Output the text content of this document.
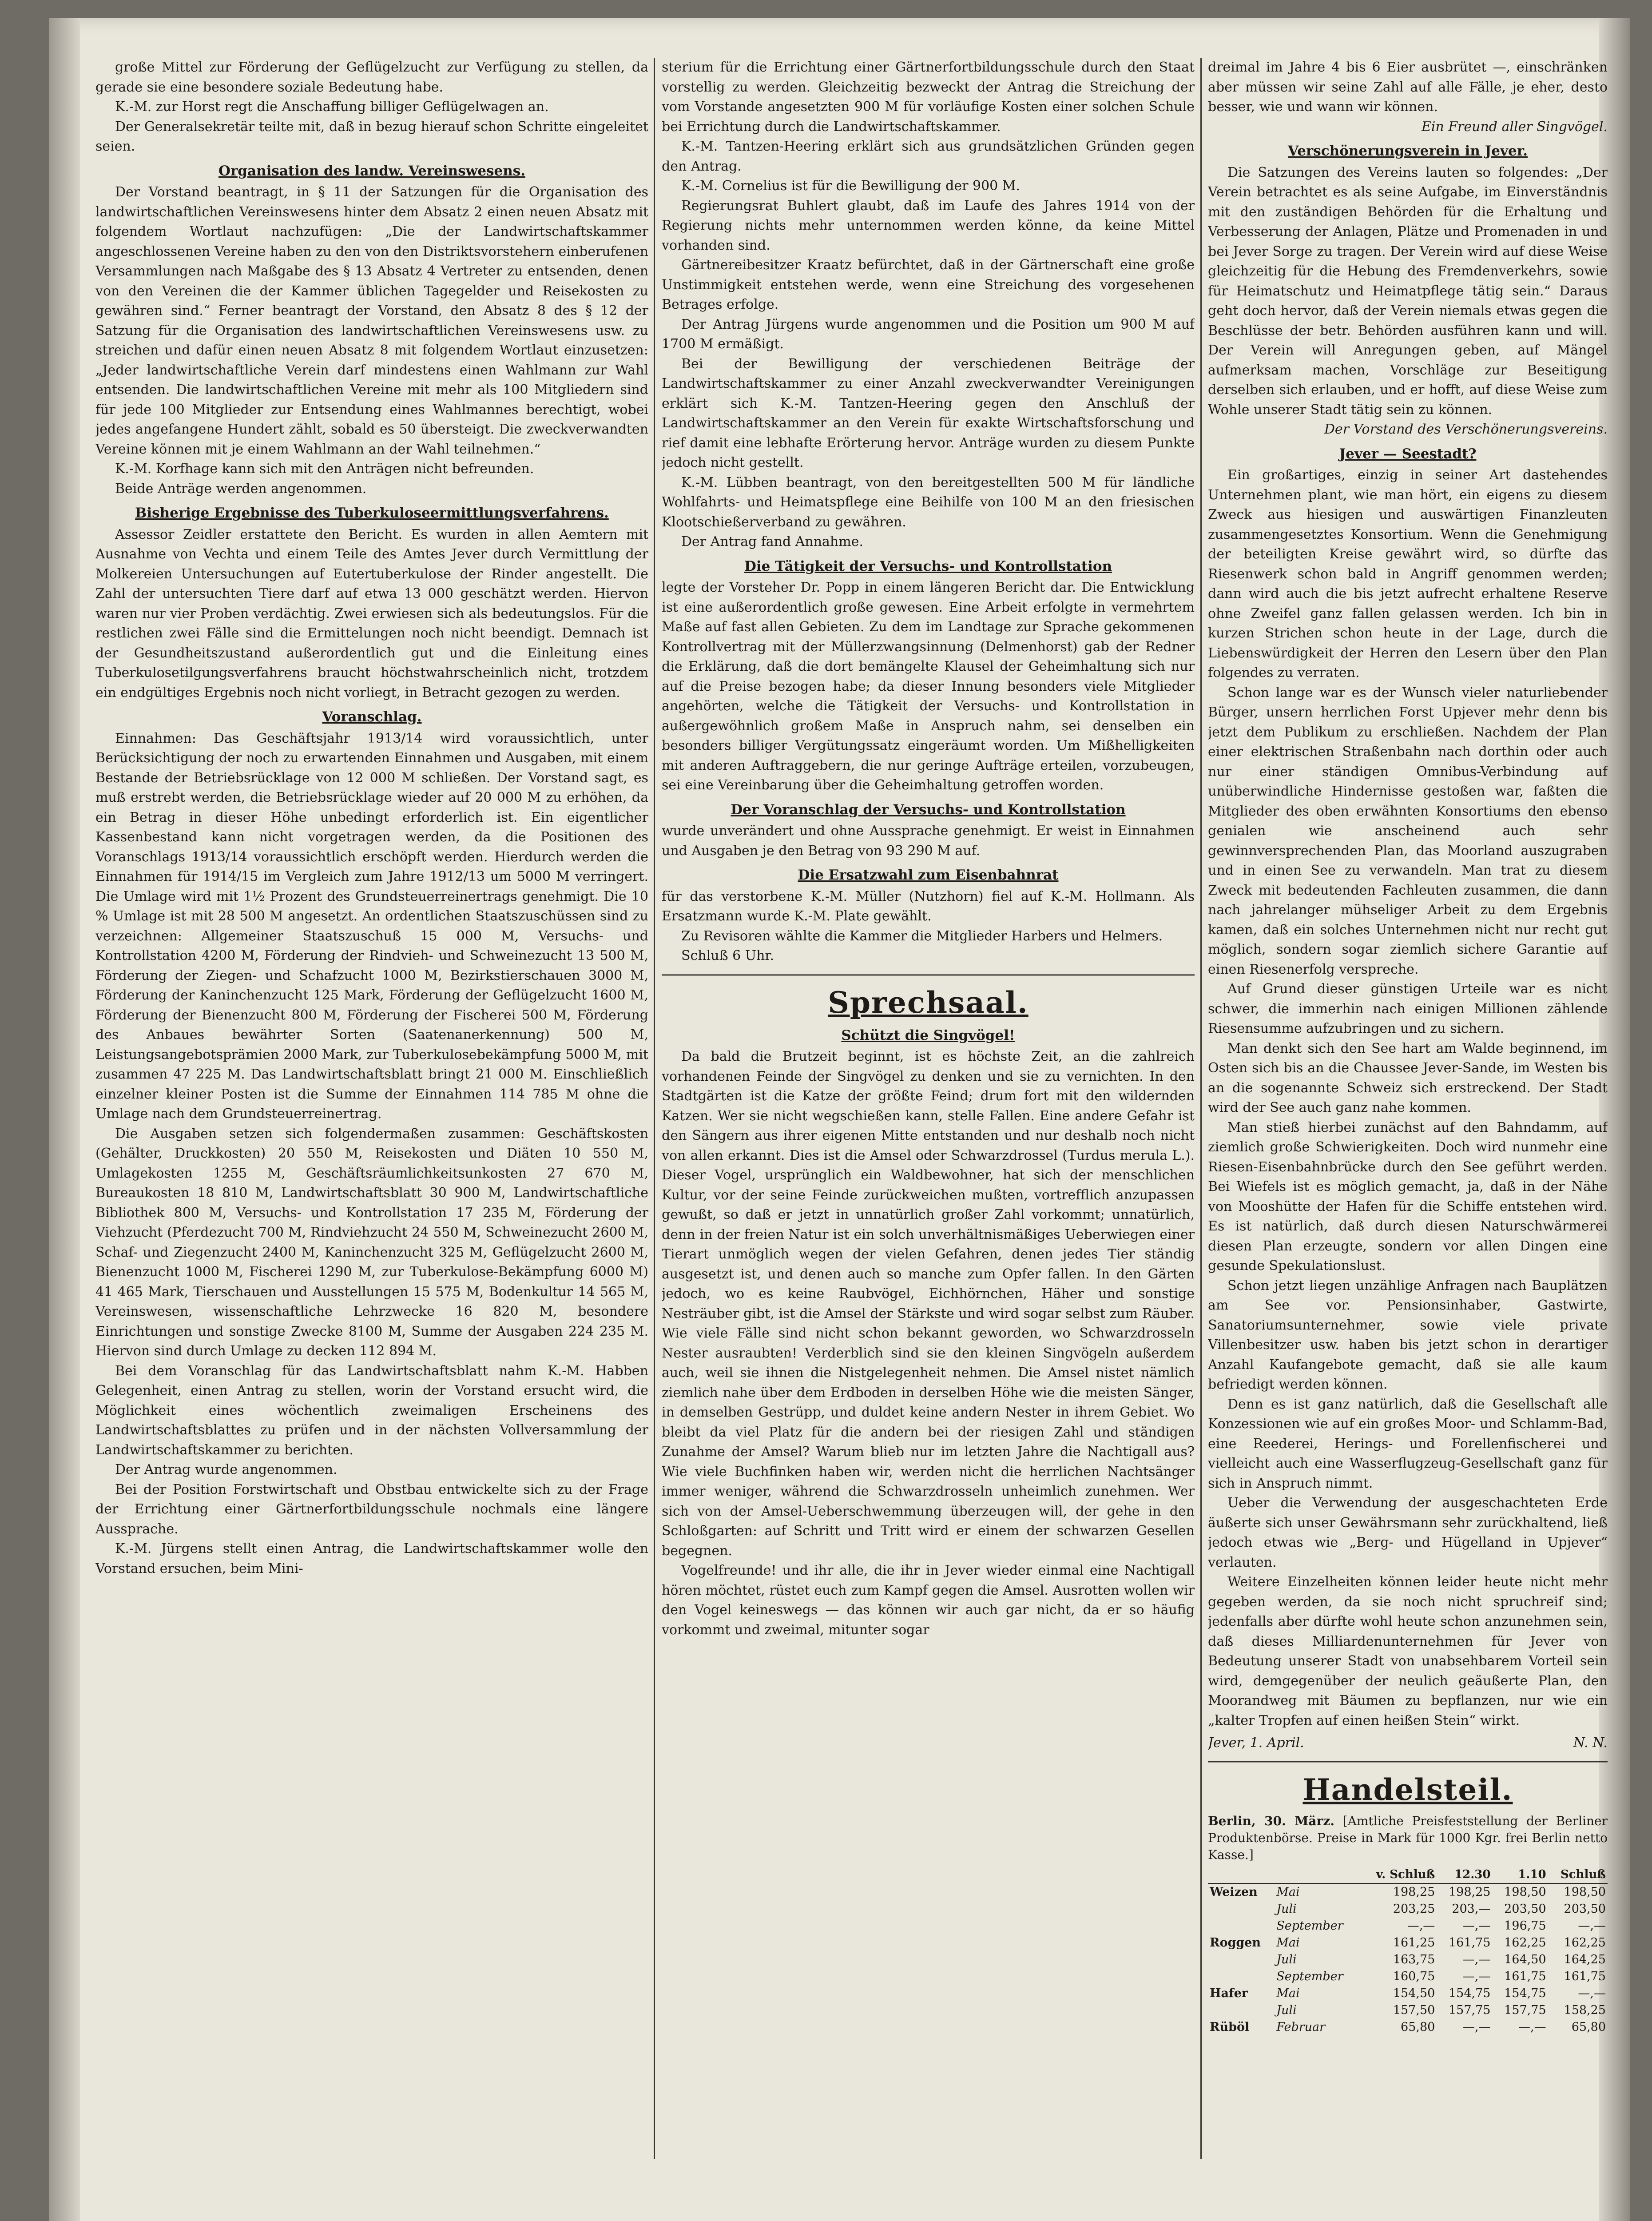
große Mittel zur Förderung der Geflügelzucht zur Verfügung zu stellen, da gerade sie eine besondere soziale Bedeutung habe.

K.-M. zur Horst regt die Anschaffung billiger Geflügelwagen an.

Der Generalsekretär teilte mit, daß in bezug hierauf schon Schritte eingeleitet seien.

Organisation des landw. Vereinswesens.

Der Vorstand beantragt, in § 11 der Satzungen für die Organisation des landwirtschaftlichen Vereinswesens hinter dem Absatz 2 einen neuen Absatz mit folgendem Wortlaut nachzufügen: „Die der Landwirtschaftskammer angeschlossenen Vereine haben zu den von den Distriktsvorstehern einberufenen Versammlungen nach Maßgabe des § 13 Absatz 4 Vertreter zu entsenden, denen von den Vereinen die der Kammer üblichen Tagegelder und Reisekosten zu gewähren sind.“ Ferner beantragt der Vorstand, den Absatz 8 des § 12 der Satzung für die Organisation des landwirtschaftlichen Vereinswesens usw. zu streichen und dafür einen neuen Absatz 8 mit folgendem Wortlaut einzusetzen: „Jeder landwirtschaftliche Verein darf mindestens einen Wahlmann zur Wahl entsenden. Die landwirtschaftlichen Vereine mit mehr als 100 Mitgliedern sind für jede 100 Mitglieder zur Entsendung eines Wahlmannes berechtigt, wobei jedes angefangene Hundert zählt, sobald es 50 übersteigt. Die zweckverwandten Vereine können mit je einem Wahlmann an der Wahl teilnehmen.“

K.-M. Korfhage kann sich mit den Anträgen nicht befreunden.

Beide Anträge werden angenommen.

Bisherige Ergebnisse des Tuberkuloseermittlungsverfahrens.

Assessor Zeidler erstattete den Bericht. Es wurden in allen Aemtern mit Ausnahme von Vechta und einem Teile des Amtes Jever durch Vermittlung der Molkereien Untersuchungen auf Eutertuberkulose der Rinder angestellt. Die Zahl der untersuchten Tiere darf auf etwa 13 000 geschätzt werden. Hiervon waren nur vier Proben verdächtig. Zwei erwiesen sich als bedeutungslos. Für die restlichen zwei Fälle sind die Ermittelungen noch nicht beendigt. Demnach ist der Gesundheitszustand außerordentlich gut und die Einleitung eines Tuberkulosetilgungsverfahrens braucht höchstwahrscheinlich nicht, trotzdem ein endgültiges Ergebnis noch nicht vorliegt, in Betracht gezogen zu werden.

Voranschlag.

Einnahmen: Das Geschäftsjahr 1913/14 wird voraussichtlich, unter Berücksichtigung der noch zu erwartenden Einnahmen und Ausgaben, mit einem Bestande der Betriebsrücklage von 12 000 M schließen. Der Vorstand sagt, es muß erstrebt werden, die Betriebsrücklage wieder auf 20 000 M zu erhöhen, da ein Betrag in dieser Höhe unbedingt erforderlich ist. Ein eigentlicher Kassenbestand kann nicht vorgetragen werden, da die Positionen des Voranschlags 1913/14 voraussichtlich erschöpft werden. Hierdurch werden die Einnahmen für 1914/15 im Vergleich zum Jahre 1912/13 um 5000 M verringert. Die Umlage wird mit 1½ Prozent des Grundsteuerreinertrags genehmigt. Die 10 % Umlage ist mit 28 500 M angesetzt. An ordentlichen Staatszuschüssen sind zu verzeichnen: Allgemeiner Staatszuschuß 15 000 M, Versuchs- und Kontrollstation 4200 M, Förderung der Rindvieh- und Schweinezucht 13 500 M, Förderung der Ziegen- und Schafzucht 1000 M, Bezirkstierschauen 3000 M, Förderung der Kaninchenzucht 125 Mark, Förderung der Geflügelzucht 1600 M, Förderung der Bienenzucht 800 M, Förderung der Fischerei 500 M, Förderung des Anbaues bewährter Sorten (Saatenanerkennung) 500 M, Leistungsangebotsprämien 2000 Mark, zur Tuberkulosebekämpfung 5000 M, mit zusammen 47 225 M. Das Landwirtschaftsblatt bringt 21 000 M. Einschließlich einzelner kleiner Posten ist die Summe der Einnahmen 114 785 M ohne die Umlage nach dem Grundsteuerreinertrag.

Die Ausgaben setzen sich folgendermaßen zusammen: Geschäftskosten (Gehälter, Druckkosten) 20 550 M, Reisekosten und Diäten 10 550 M, Umlagekosten 1255 M, Geschäftsräumlichkeitsunkosten 27 670 M, Bureaukosten 18 810 M, Landwirtschaftsblatt 30 900 M, Landwirtschaftliche Bibliothek 800 M, Versuchs- und Kontrollstation 17 235 M, Förderung der Viehzucht (Pferdezucht 700 M, Rindviehzucht 24 550 M, Schweinezucht 2600 M, Schaf- und Ziegenzucht 2400 M, Kaninchenzucht 325 M, Geflügelzucht 2600 M, Bienenzucht 1000 M, Fischerei 1290 M, zur Tuberkulose-Bekämpfung 6000 M) 41 465 Mark, Tierschauen und Ausstellungen 15 575 M, Bodenkultur 14 565 M, Vereinswesen, wissenschaftliche Lehrzwecke 16 820 M, besondere Einrichtungen und sonstige Zwecke 8100 M, Summe der Ausgaben 224 235 M. Hiervon sind durch Umlage zu decken 112 894 M.

Bei dem Voranschlag für das Landwirtschaftsblatt nahm K.-M. Habben Gelegenheit, einen Antrag zu stellen, worin der Vorstand ersucht wird, die Möglichkeit eines wöchentlich zweimaligen Erscheinens des Landwirtschaftsblattes zu prüfen und in der nächsten Vollversammlung der Landwirtschaftskammer zu berichten.

Der Antrag wurde angenommen.

Bei der Position Forstwirtschaft und Obstbau entwickelte sich zu der Frage der Errichtung einer Gärtnerfortbildungsschule nochmals eine längere Aussprache.

K.-M. Jürgens stellt einen Antrag, die Landwirtschaftskammer wolle den Vorstand ersuchen, beim Mini-

sterium für die Errichtung einer Gärtnerfortbildungsschule durch den Staat vorstellig zu werden. Gleichzeitig bezweckt der Antrag die Streichung der vom Vorstande angesetzten 900 M für vorläufige Kosten einer solchen Schule bei Errichtung durch die Landwirtschaftskammer.

K.-M. Tantzen-Heering erklärt sich aus grundsätzlichen Gründen gegen den Antrag.

K.-M. Cornelius ist für die Bewilligung der 900 M.

Regierungsrat Buhlert glaubt, daß im Laufe des Jahres 1914 von der Regierung nichts mehr unternommen werden könne, da keine Mittel vorhanden sind.

Gärtnereibesitzer Kraatz befürchtet, daß in der Gärtnerschaft eine große Unstimmigkeit entstehen werde, wenn eine Streichung des vorgesehenen Betrages erfolge.

Der Antrag Jürgens wurde angenommen und die Position um 900 M auf 1700 M ermäßigt.

Bei der Bewilligung der verschiedenen Beiträge der Landwirtschaftskammer zu einer Anzahl zweckverwandter Vereinigungen erklärt sich K.-M. Tantzen-Heering gegen den Anschluß der Landwirtschaftskammer an den Verein für exakte Wirtschaftsforschung und rief damit eine lebhafte Erörterung hervor. Anträge wurden zu diesem Punkte jedoch nicht gestellt.

K.-M. Lübben beantragt, von den bereitgestellten 500 M für ländliche Wohlfahrts- und Heimatspflege eine Beihilfe von 100 M an den friesischen Klootschießerverband zu gewähren.

Der Antrag fand Annahme.

Die Tätigkeit der Versuchs- und Kontrollstation

legte der Vorsteher Dr. Popp in einem längeren Bericht dar. Die Entwicklung ist eine außerordentlich große gewesen. Eine Arbeit erfolgte in vermehrtem Maße auf fast allen Gebieten. Zu dem im Landtage zur Sprache gekommenen Kontrollvertrag mit der Müllerzwangsinnung (Delmenhorst) gab der Redner die Erklärung, daß die dort bemängelte Klausel der Geheimhaltung sich nur auf die Preise bezogen habe; da dieser Innung besonders viele Mitglieder angehörten, welche die Tätigkeit der Versuchs- und Kontrollstation in außergewöhnlich großem Maße in Anspruch nahm, sei denselben ein besonders billiger Vergütungssatz eingeräumt worden. Um Mißhelligkeiten mit anderen Auftraggebern, die nur geringe Aufträge erteilen, vorzubeugen, sei eine Vereinbarung über die Geheimhaltung getroffen worden.

Der Voranschlag der Versuchs- und Kontrollstation

wurde unverändert und ohne Aussprache genehmigt. Er weist in Einnahmen und Ausgaben je den Betrag von 93 290 M auf.

Die Ersatzwahl zum Eisenbahnrat

für das verstorbene K.-M. Müller (Nutzhorn) fiel auf K.-M. Hollmann. Als Ersatzmann wurde K.-M. Plate gewählt.

Zu Revisoren wählte die Kammer die Mitglieder Harbers und Helmers.

Schluß 6 Uhr.

Sprechsaal.
Schützt die Singvögel!

Da bald die Brutzeit beginnt, ist es höchste Zeit, an die zahlreich vorhandenen Feinde der Singvögel zu denken und sie zu vernichten. In den Stadtgärten ist die Katze der größte Feind; drum fort mit den wildernden Katzen. Wer sie nicht wegschießen kann, stelle Fallen. Eine andere Gefahr ist den Sängern aus ihrer eigenen Mitte entstanden und nur deshalb noch nicht von allen erkannt. Dies ist die Amsel oder Schwarzdrossel (Turdus merula L.). Dieser Vogel, ursprünglich ein Waldbewohner, hat sich der menschlichen Kultur, vor der seine Feinde zurückweichen mußten, vortrefflich anzupassen gewußt, so daß er jetzt in unnatürlich großer Zahl vorkommt; unnatürlich, denn in der freien Natur ist ein solch unverhältnismäßiges Ueberwiegen einer Tierart unmöglich wegen der vielen Gefahren, denen jedes Tier ständig ausgesetzt ist, und denen auch so manche zum Opfer fallen. In den Gärten jedoch, wo es keine Raubvögel, Eichhörnchen, Häher und sonstige Nesträuber gibt, ist die Amsel der Stärkste und wird sogar selbst zum Räuber. Wie viele Fälle sind nicht schon bekannt geworden, wo Schwarzdrosseln Nester ausraubten! Verderblich sind sie den kleinen Singvögeln außerdem auch, weil sie ihnen die Nistgelegenheit nehmen. Die Amsel nistet nämlich ziemlich nahe über dem Erdboden in derselben Höhe wie die meisten Sänger, in demselben Gestrüpp, und duldet keine andern Nester in ihrem Gebiet. Wo bleibt da viel Platz für die andern bei der riesigen Zahl und ständigen Zunahme der Amsel? Warum blieb nur im letzten Jahre die Nachtigall aus? Wie viele Buchfinken haben wir, werden nicht die herrlichen Nachtsänger immer weniger, während die Schwarzdrosseln unheimlich zunehmen. Wer sich von der Amsel-Ueberschwemmung überzeugen will, der gehe in den Schloßgarten: auf Schritt und Tritt wird er einem der schwarzen Gesellen begegnen.

Vogelfreunde! und ihr alle, die ihr in Jever wieder einmal eine Nachtigall hören möchtet, rüstet euch zum Kampf gegen die Amsel. Ausrotten wollen wir den Vogel keineswegs — das können wir auch gar nicht, da er so häufig vorkommt und zweimal, mitunter sogar

dreimal im Jahre 4 bis 6 Eier ausbrütet —, einschränken aber müssen wir seine Zahl auf alle Fälle, je eher, desto besser, wie und wann wir können.

Ein Freund aller Singvögel.
Verschönerungsverein in Jever.

Die Satzungen des Vereins lauten so folgendes: „Der Verein betrachtet es als seine Aufgabe, im Einverständnis mit den zuständigen Behörden für die Erhaltung und Verbesserung der Anlagen, Plätze und Promenaden in und bei Jever Sorge zu tragen. Der Verein wird auf diese Weise gleichzeitig für die Hebung des Fremdenverkehrs, sowie für Heimatschutz und Heimatpflege tätig sein.“ Daraus geht doch hervor, daß der Verein niemals etwas gegen die Beschlüsse der betr. Behörden ausführen kann und will. Der Verein will Anregungen geben, auf Mängel aufmerksam machen, Vorschläge zur Beseitigung derselben sich erlauben, und er hofft, auf diese Weise zum Wohle unserer Stadt tätig sein zu können.

Der Vorstand des Verschönerungsvereins.
Jever — Seestadt?

Ein großartiges, einzig in seiner Art dastehendes Unternehmen plant, wie man hört, ein eigens zu diesem Zweck aus hiesigen und auswärtigen Finanzleuten zusammengesetztes Konsortium. Wenn die Genehmigung der beteiligten Kreise gewährt wird, so dürfte das Riesenwerk schon bald in Angriff genommen werden; dann wird auch die bis jetzt aufrecht erhaltene Reserve ohne Zweifel ganz fallen gelassen werden. Ich bin in kurzen Strichen schon heute in der Lage, durch die Liebenswürdigkeit der Herren den Lesern über den Plan folgendes zu verraten.

Schon lange war es der Wunsch vieler naturliebender Bürger, unsern herrlichen Forst Upjever mehr denn bis jetzt dem Publikum zu erschließen. Nachdem der Plan einer elektrischen Straßenbahn nach dorthin oder auch nur einer ständigen Omnibus-Verbindung auf unüberwindliche Hindernisse gestoßen war, faßten die Mitglieder des oben erwähnten Konsortiums den ebenso genialen wie anscheinend auch sehr gewinnversprechenden Plan, das Moorland auszugraben und in einen See zu verwandeln. Man trat zu diesem Zweck mit bedeutenden Fachleuten zusammen, die dann nach jahrelanger mühseliger Arbeit zu dem Ergebnis kamen, daß ein solches Unternehmen nicht nur recht gut möglich, sondern sogar ziemlich sichere Garantie auf einen Riesenerfolg verspreche.

Auf Grund dieser günstigen Urteile war es nicht schwer, die immerhin nach einigen Millionen zählende Riesensumme aufzubringen und zu sichern.

Man denkt sich den See hart am Walde beginnend, im Osten sich bis an die Chaussee Jever-Sande, im Westen bis an die sogenannte Schweiz sich erstreckend. Der Stadt wird der See auch ganz nahe kommen.

Man stieß hierbei zunächst auf den Bahndamm, auf ziemlich große Schwierigkeiten. Doch wird nunmehr eine Riesen-Eisenbahnbrücke durch den See geführt werden. Bei Wiefels ist es möglich gemacht, ja, daß in der Nähe von Mooshütte der Hafen für die Schiffe entstehen wird. Es ist natürlich, daß durch diesen Naturschwärmerei diesen Plan erzeugte, sondern vor allen Dingen eine gesunde Spekulationslust.

Schon jetzt liegen unzählige Anfragen nach Bauplätzen am See vor. Pensionsinhaber, Gastwirte, Sanatoriumsunternehmer, sowie viele private Villenbesitzer usw. haben bis jetzt schon in derartiger Anzahl Kaufangebote gemacht, daß sie alle kaum befriedigt werden können.

Denn es ist ganz natürlich, daß die Gesellschaft alle Konzessionen wie auf ein großes Moor- und Schlamm-Bad, eine Reederei, Herings- und Forellenfischerei und vielleicht auch eine Wasserflugzeug-Gesellschaft ganz für sich in Anspruch nimmt.

Ueber die Verwendung der ausgeschachteten Erde äußerte sich unser Gewährsmann sehr zurückhaltend, ließ jedoch etwas wie „Berg- und Hügelland in Upjever“ verlauten.

Weitere Einzelheiten können leider heute nicht mehr gegeben werden, da sie noch nicht spruchreif sind; jedenfalls aber dürfte wohl heute schon anzunehmen sein, daß dieses Milliardenunternehmen für Jever von Bedeutung unserer Stadt von unabsehbarem Vorteil sein wird, demgegenüber der neulich geäußerte Plan, den Moorandweg mit Bäumen zu bepflanzen, nur wie ein „kalter Tropfen auf einen heißen Stein“ wirkt.

Jever, 1. April.	N. N.
Handelsteil.
Berlin, 30. März. [Amtliche Preisfeststellung der Berliner Produktenbörse. Preise in Mark für 1000 Kgr. frei Berlin netto Kasse.]
		v. Schluß	12.30	1.10	Schluß
Weizen	Mai	198,25	198,25	198,50	198,50
	Juli	203,25	203,—	203,50	203,50
	September	—,—	—,—	196,75	—,—
Roggen	Mai	161,25	161,75	162,25	162,25
	Juli	163,75	—,—	164,50	164,25
	September	160,75	—,—	161,75	161,75
Hafer	Mai	154,50	154,75	154,75	—,—
	Juli	157,50	157,75	157,75	158,25
Rüböl	Februar	65,80	—,—	—,—	65,80
